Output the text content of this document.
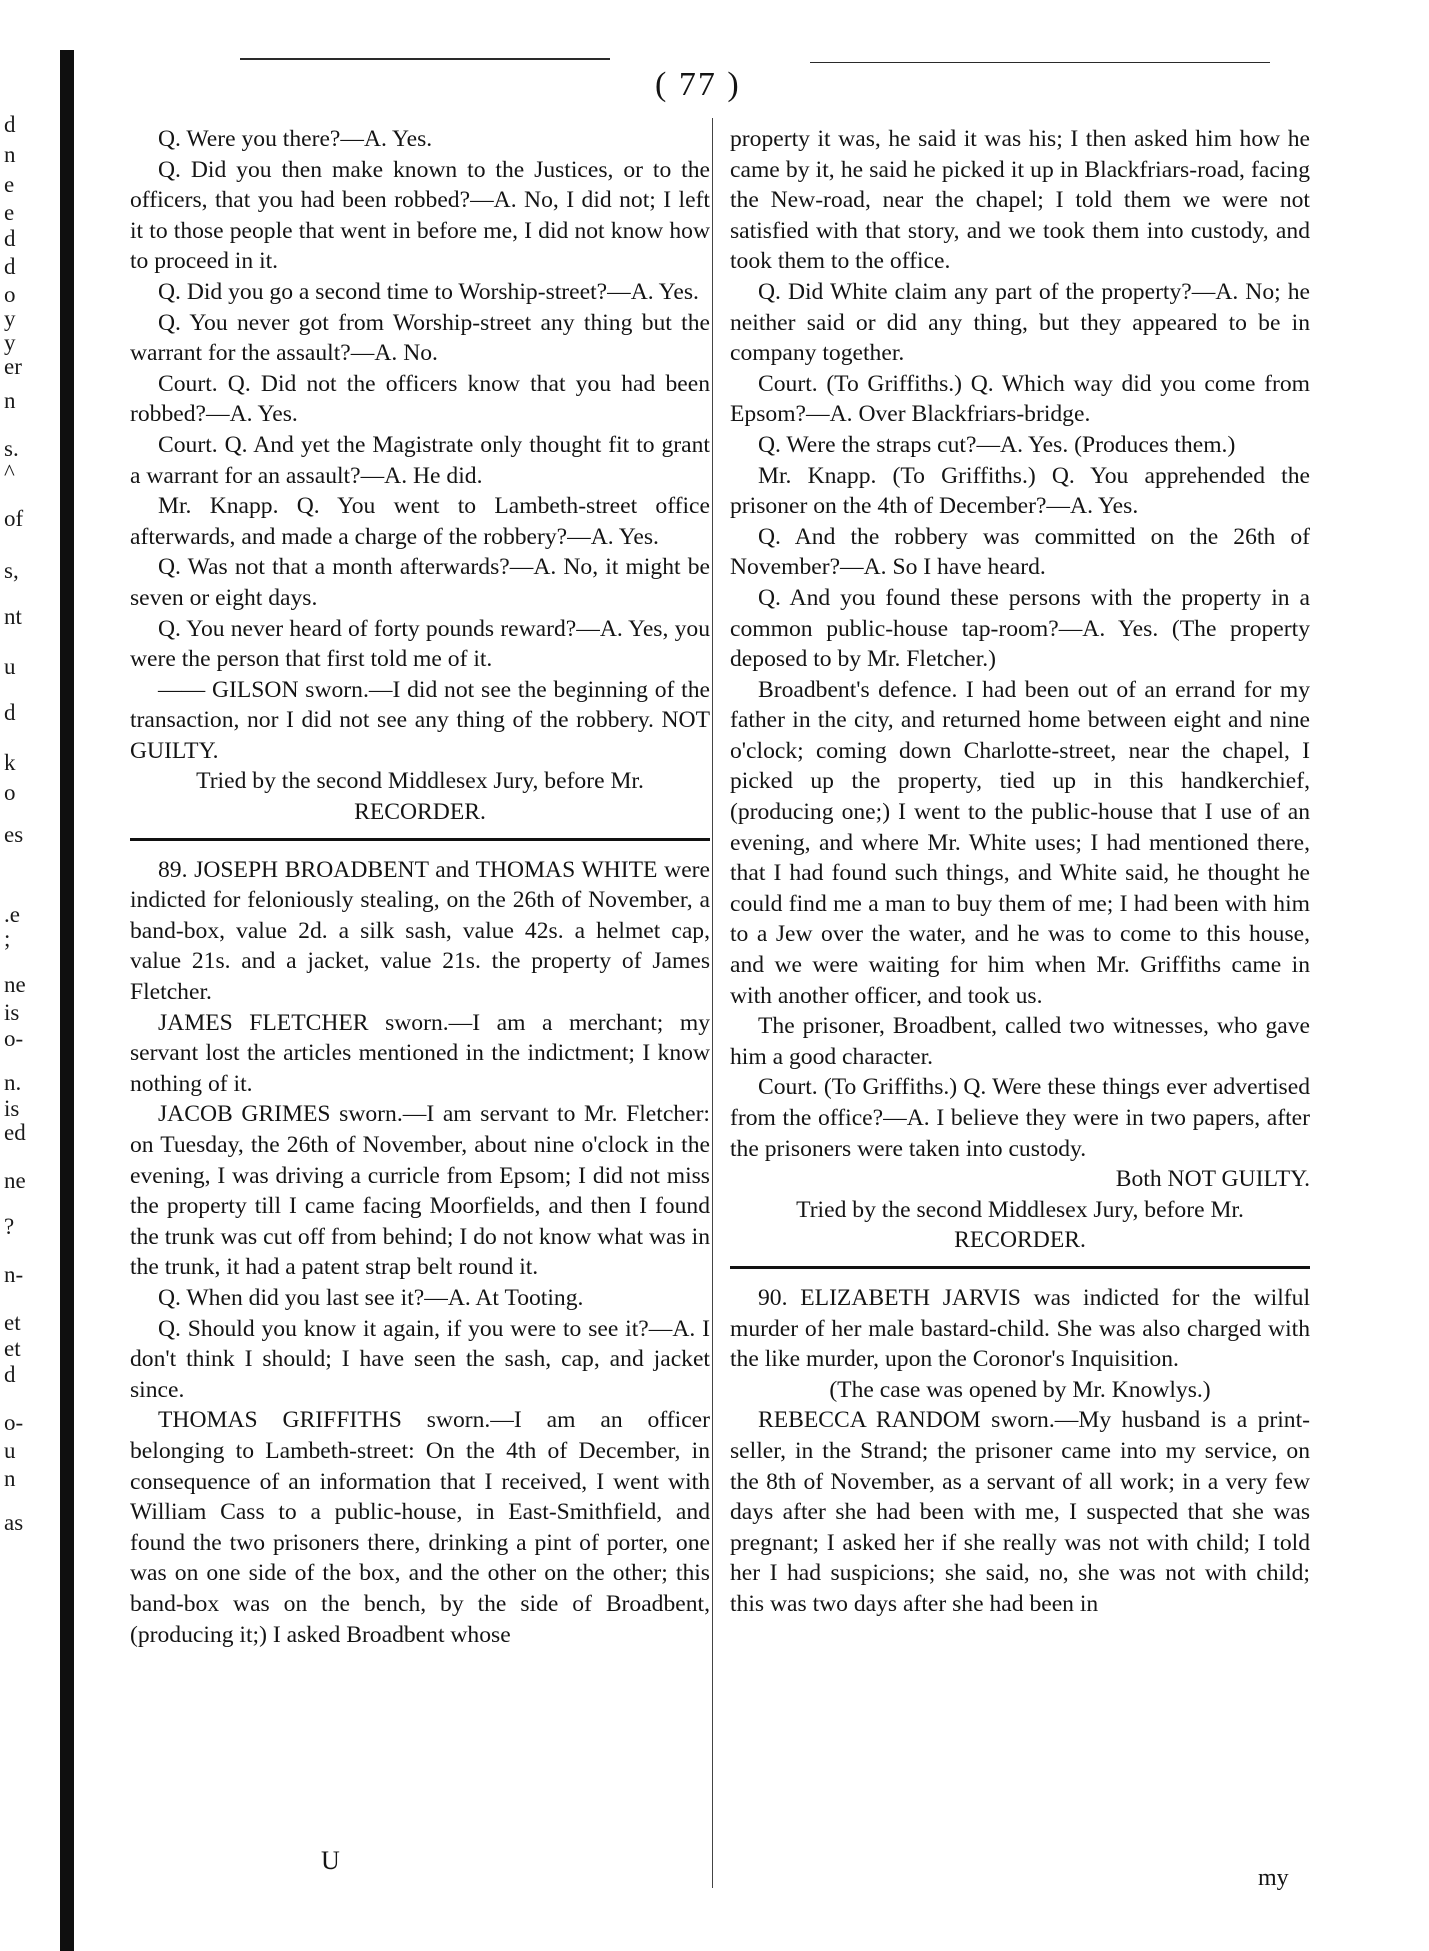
d
n
e
e
d
d
o
y
y
er
n
s.
^
of
s,
nt
u
d
k
o
es
.e
;
ne
is
o-
n.
is
ed
ne
?
n-
et
et
d
o-
u
n
as
( 77 )

Q. Were you there?—A. Yes.

Q. Did you then make known to the Justices, or to the officers, that you had been robbed?—A. No, I did not; I left it to those people that went in before me, I did not know how to proceed in it.

Q. Did you go a second time to Worship-street?—A. Yes.

Q. You never got from Worship-street any thing but the warrant for the assault?—A. No.

Court. Q. Did not the officers know that you had been robbed?—A. Yes.

Court. Q. And yet the Magistrate only thought fit to grant a warrant for an assault?—A. He did.

Mr. Knapp. Q. You went to Lambeth-street office afterwards, and made a charge of the robbery?—A. Yes.

Q. Was not that a month afterwards?—A. No, it might be seven or eight days.

Q. You never heard of forty pounds reward?—A. Yes, you were the person that first told me of it.

—— GILSON sworn.—I did not see the beginning of the transaction, nor I did not see any thing of the robbery. NOT GUILTY.

Tried by the second Middlesex Jury, before Mr. RECORDER.

89. JOSEPH BROADBENT and THOMAS WHITE were indicted for feloniously stealing, on the 26th of November, a band-box, value 2d. a silk sash, value 42s. a helmet cap, value 21s. and a jacket, value 21s. the property of James Fletcher.

JAMES FLETCHER sworn.—I am a merchant; my servant lost the articles mentioned in the indictment; I know nothing of it.

JACOB GRIMES sworn.—I am servant to Mr. Fletcher: on Tuesday, the 26th of November, about nine o'clock in the evening, I was driving a curricle from Epsom; I did not miss the property till I came facing Moorfields, and then I found the trunk was cut off from behind; I do not know what was in the trunk, it had a patent strap belt round it.

Q. When did you last see it?—A. At Tooting.

Q. Should you know it again, if you were to see it?—A. I don't think I should; I have seen the sash, cap, and jacket since.

THOMAS GRIFFITHS sworn.—I am an officer belonging to Lambeth-street: On the 4th of December, in consequence of an information that I received, I went with William Cass to a public-house, in East-Smithfield, and found the two prisoners there, drinking a pint of porter, one was on one side of the box, and the other on the other; this band-box was on the bench, by the side of Broadbent, (producing it;) I asked Broadbent whose

property it was, he said it was his; I then asked him how he came by it, he said he picked it up in Blackfriars-road, facing the New-road, near the chapel; I told them we were not satisfied with that story, and we took them into custody, and took them to the office.

Q. Did White claim any part of the property?—A. No; he neither said or did any thing, but they appeared to be in company together.

Court. (To Griffiths.) Q. Which way did you come from Epsom?—A. Over Blackfriars-bridge.

Q. Were the straps cut?—A. Yes. (Produces them.)

Mr. Knapp. (To Griffiths.) Q. You apprehended the prisoner on the 4th of December?—A. Yes.

Q. And the robbery was committed on the 26th of November?—A. So I have heard.

Q. And you found these persons with the property in a common public-house tap-room?—A. Yes. (The property deposed to by Mr. Fletcher.)

Broadbent's defence. I had been out of an errand for my father in the city, and returned home between eight and nine o'clock; coming down Charlotte-street, near the chapel, I picked up the property, tied up in this handkerchief, (producing one;) I went to the public-house that I use of an evening, and where Mr. White uses; I had mentioned there, that I had found such things, and White said, he thought he could find me a man to buy them of me; I had been with him to a Jew over the water, and he was to come to this house, and we were waiting for him when Mr. Griffiths came in with another officer, and took us.

The prisoner, Broadbent, called two witnesses, who gave him a good character.

Court. (To Griffiths.) Q. Were these things ever advertised from the office?—A. I believe they were in two papers, after the prisoners were taken into custody.

Both NOT GUILTY.

Tried by the second Middlesex Jury, before Mr. RECORDER.

90. ELIZABETH JARVIS was indicted for the wilful murder of her male bastard-child. She was also charged with the like murder, upon the Coronor's Inquisition.

(The case was opened by Mr. Knowlys.)

REBECCA RANDOM sworn.—My husband is a print-seller, in the Strand; the prisoner came into my service, on the 8th of November, as a servant of all work; in a very few days after she had been with me, I suspected that she was pregnant; I asked her if she really was not with child; I told her I had suspicions; she said, no, she was not with child; this was two days after she had been in

U
my
